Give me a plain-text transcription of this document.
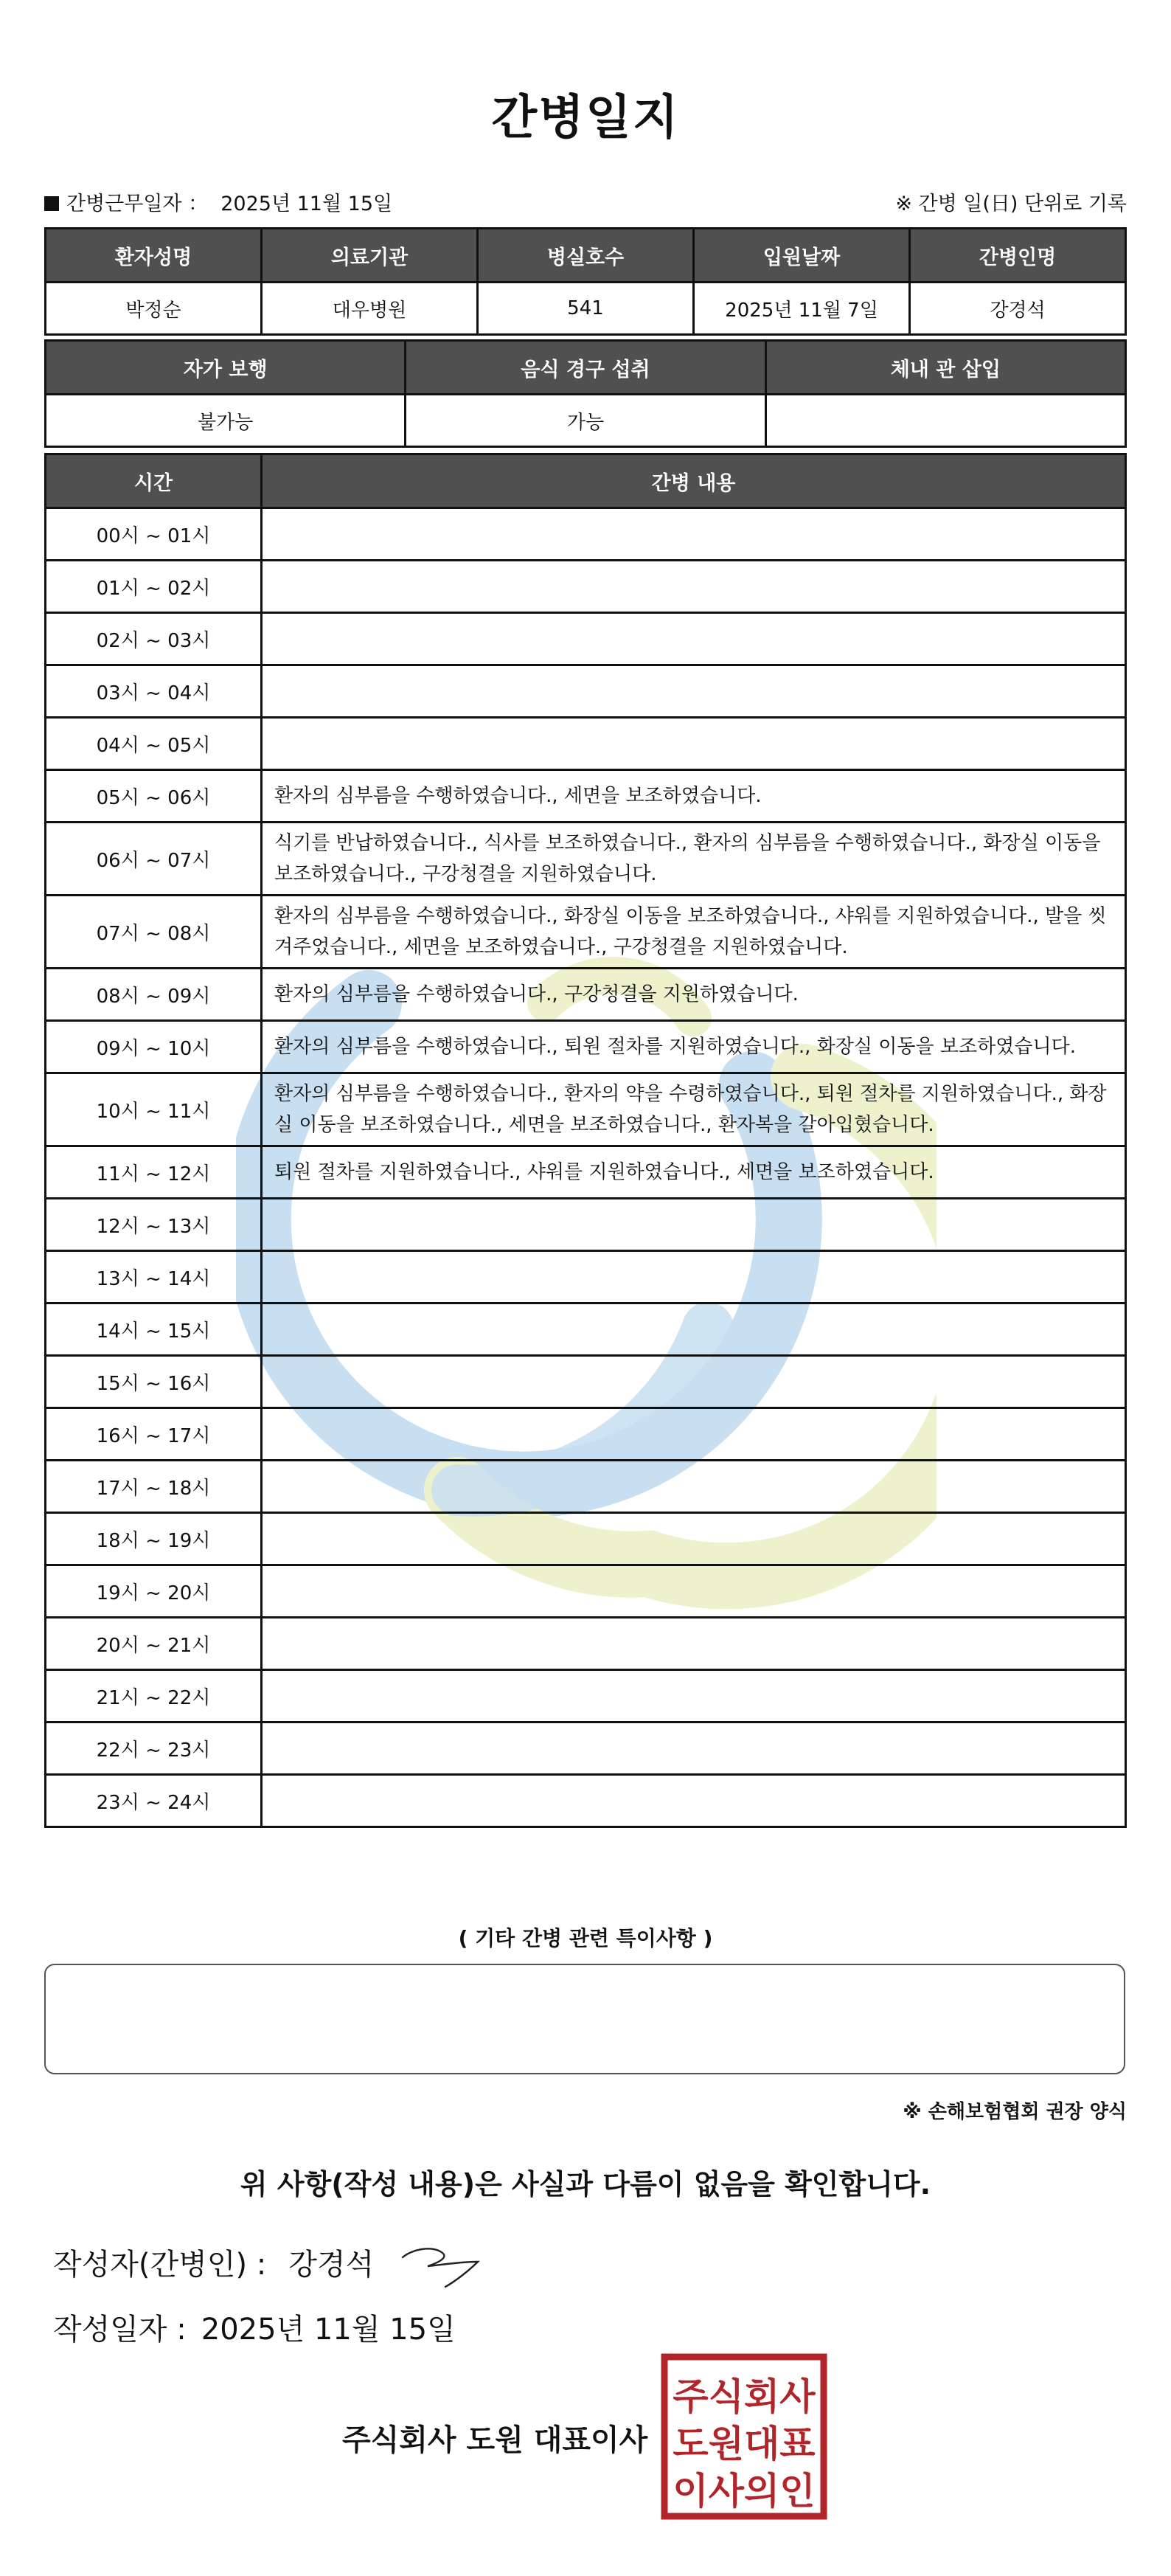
간병일지
간병근무일자 ： 2025년 11월 15일	※ 간병 일(日) 단위로 기록
환자성명	의료기관	병실호수	입원날짜	간병인명
박정순	대우병원	541	2025년 11월 7일	강경석
자가 보행	음식 경구 섭취	체내 관 삽입
불가능	가능	
시간	간병 내용
00시 ~ 01시	
01시 ~ 02시	
02시 ~ 03시	
03시 ~ 04시	
04시 ~ 05시	
05시 ~ 06시	환자의 심부름을 수행하였습니다., 세면을 보조하였습니다.
06시 ~ 07시	식기를 반납하였습니다., 식사를 보조하였습니다., 환자의 심부름을 수행하였습니다., 화장실 이동을 보조하였습니다., 구강청결을 지원하였습니다.
07시 ~ 08시	환자의 심부름을 수행하였습니다., 화장실 이동을 보조하였습니다., 샤워를 지원하였습니다., 발을 씻겨주었습니다., 세면을 보조하였습니다., 구강청결을 지원하였습니다.
08시 ~ 09시	환자의 심부름을 수행하였습니다., 구강청결을 지원하였습니다.
09시 ~ 10시	환자의 심부름을 수행하였습니다., 퇴원 절차를 지원하였습니다., 화장실 이동을 보조하였습니다.
10시 ~ 11시	환자의 심부름을 수행하였습니다., 환자의 약을 수령하였습니다., 퇴원 절차를 지원하였습니다., 화장실 이동을 보조하였습니다., 세면을 보조하였습니다., 환자복을 갈아입혔습니다.
11시 ~ 12시	퇴원 절차를 지원하였습니다., 샤워를 지원하였습니다., 세면을 보조하였습니다.
12시 ~ 13시	
13시 ~ 14시	
14시 ~ 15시	
15시 ~ 16시	
16시 ~ 17시	
17시 ~ 18시	
18시 ~ 19시	
19시 ~ 20시	
20시 ~ 21시	
21시 ~ 22시	
22시 ~ 23시	
23시 ~ 24시	
( 기타 간병 관련 특이사항 )
※ 손해보험협회 권장 양식
위 사항(작성 내용)은 사실과 다름이 없음을 확인합니다.
작성자(간병인) : 강경석
작성일자 : 2025년 11월 15일
주식회사 도원 대표이사
주식회사
도원대표
이사의인
